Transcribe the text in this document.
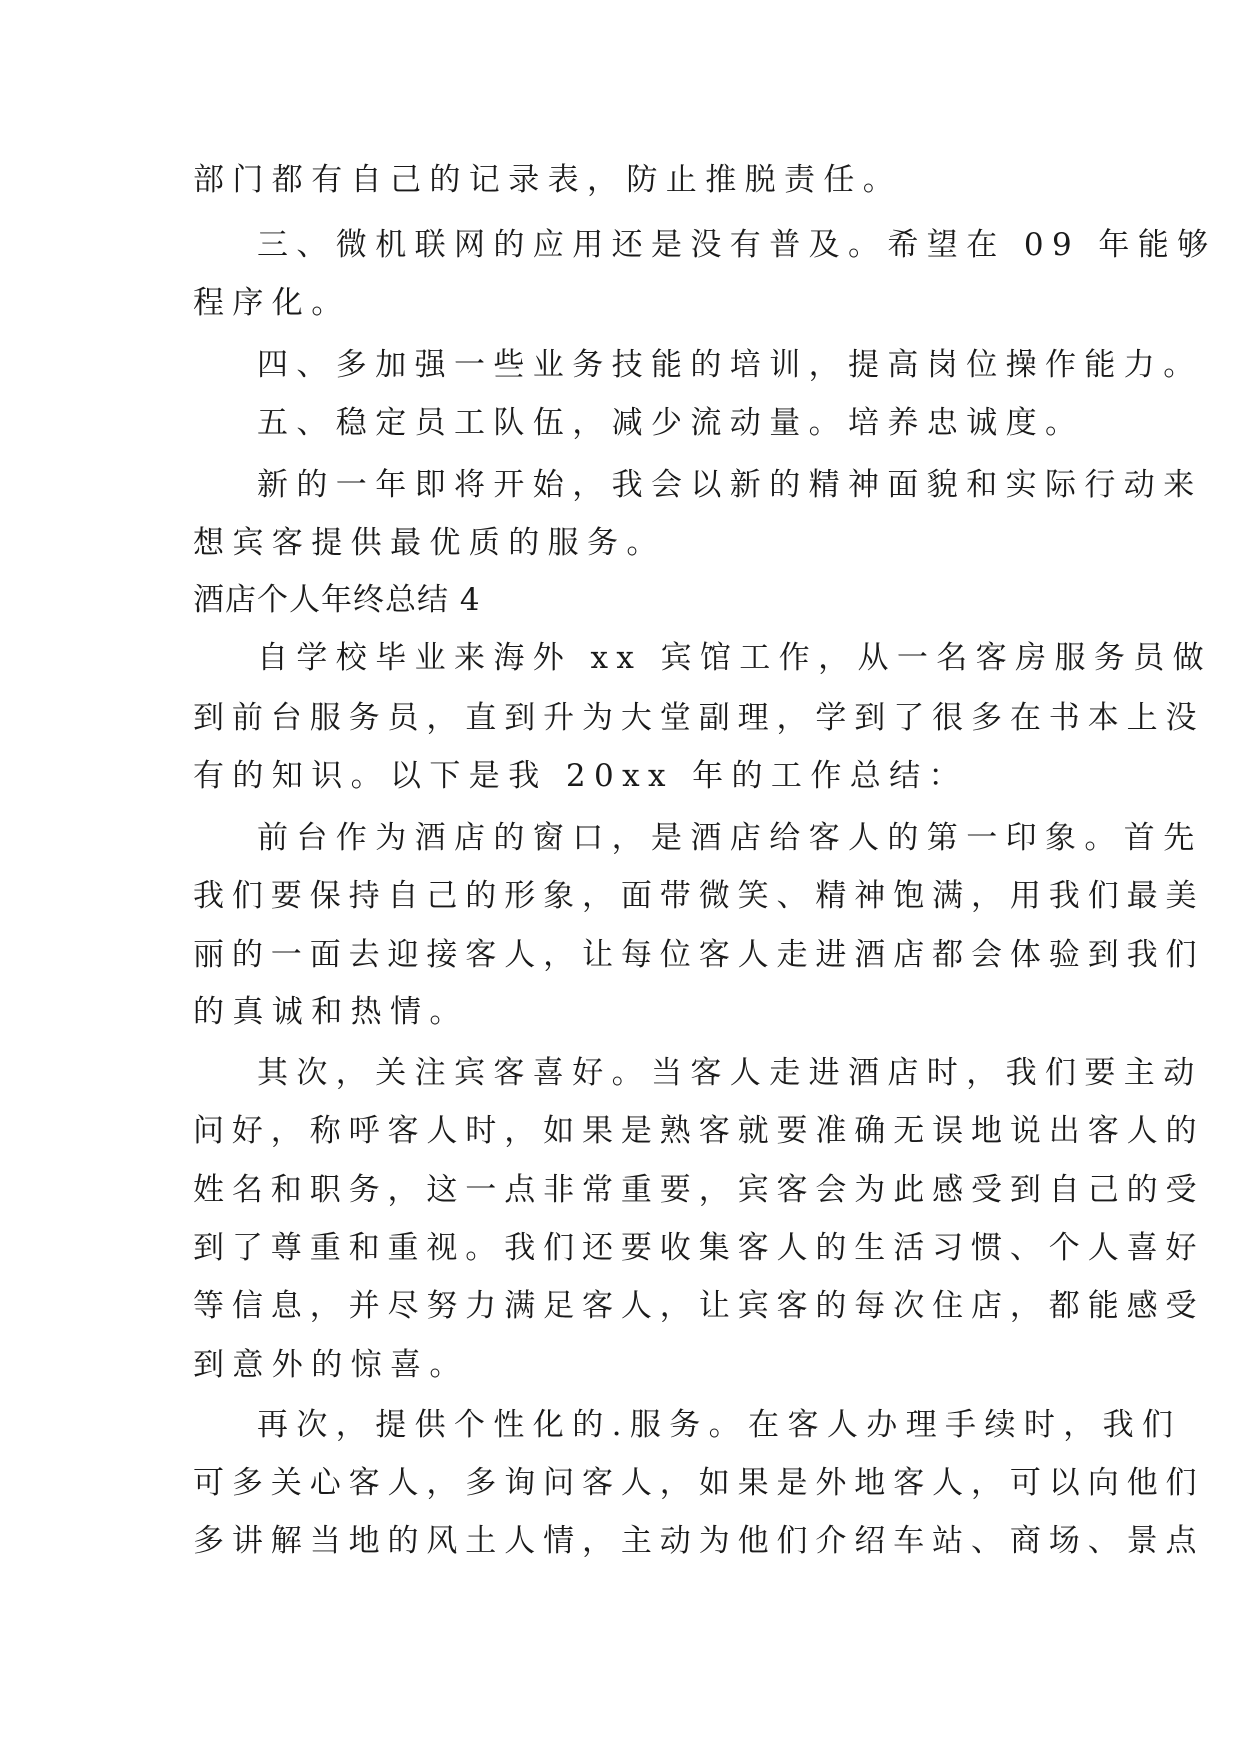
部门都有自己的记录表，防止推脱责任。
三、微机联网的应用还是没有普及。希望在 09 年能够
程序化。
四、多加强一些业务技能的培训，提高岗位操作能力。
五、稳定员工队伍，减少流动量。培养忠诚度。
新的一年即将开始，我会以新的精神面貌和实际行动来
想宾客提供最优质的服务。
酒店个人年终总结 4
自学校毕业来海外 xx 宾馆工作，从一名客房服务员做
到前台服务员，直到升为大堂副理，学到了很多在书本上没
有的知识。以下是我 20xx 年的工作总结：
前台作为酒店的窗口，是酒店给客人的第一印象。首先
我们要保持自己的形象，面带微笑、精神饱满，用我们最美
丽的一面去迎接客人，让每位客人走进酒店都会体验到我们
的真诚和热情。
其次，关注宾客喜好。当客人走进酒店时，我们要主动
问好，称呼客人时，如果是熟客就要准确无误地说出客人的
姓名和职务，这一点非常重要，宾客会为此感受到自己的受
到了尊重和重视。我们还要收集客人的生活习惯、个人喜好
等信息，并尽努力满足客人，让宾客的每次住店，都能感受
到意外的惊喜。
再次，提供个性化的.服务。在客人办理手续时，我们
可多关心客人，多询问客人，如果是外地客人，可以向他们
多讲解当地的风土人情，主动为他们介绍车站、商场、景点
